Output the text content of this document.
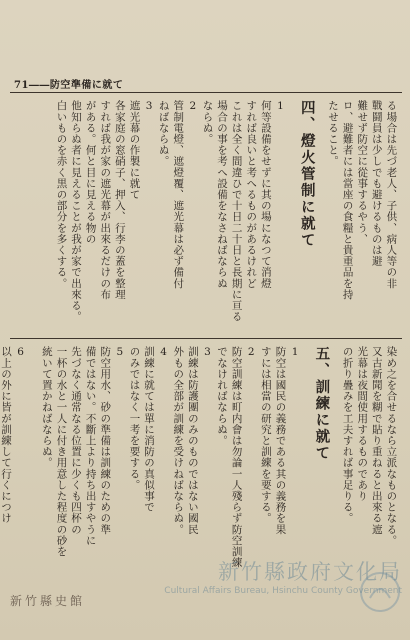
71――防空準備に就て
る場合は先づ老人、子供、病人等の非
戰鬪員は少しでも避けるものは避
難せず防空に從事するやう、
ロ、避難者には當座の食糧と貴重品を持
たせること。
四、燈火管制に就て
1
何等設備をせずに其の場になつて消燈
すれば良いと考へるものがあるけれど
これは全く間違ひで十日二十日と長期に亘る
場合の事を考へ設備をなさねばならぬ
ならぬ。
2
管制電燈、遮燈覆、遮光幕は必ず備付
ねばならぬ。
3
遮光幕の作製に就て
各家庭の窓硝子、押入、行李の蓋を整理
すれば我が家の遮光幕が出來るだけの布
がある。何と目に見える物の
他知らぬ者に見えることが我が家で出來る。
白いものを赤く黒の部分を多くする。
染め之を合せるなら立派なものとなる。
又古新聞を糊で貼り重ねると出來る遮
光幕は夜間使用するものであり
の折り疊みを工夫すれば事足りる。
五、訓練に就て
1
防空は國民の義務である其の義務を果
すには相當の研究と訓練を要する。
2
防空訓練は町内會は勿論一人殘らず防空訓練
でなければならぬ。
3
訓練は防護團のみのものではない國民
外もの全部が訓練を受けねばならぬ。
4
訓練に就ては單に消防の真似事で
のみではなく一考を要する。
5
防空用水、砂の準備は訓練のための準
備ではない。不斷上より持ち出すやうに
先づなく通常なる位置に少くも四杯の
一杯の水と一人に付き用意した程度の砂を
統いて置かねばならぬ。
6
以上の外に皆が訓練して行くにつけ
新竹縣史館
新竹縣政府文化局
Cultural Affairs Bureau, Hsinchu County Government
